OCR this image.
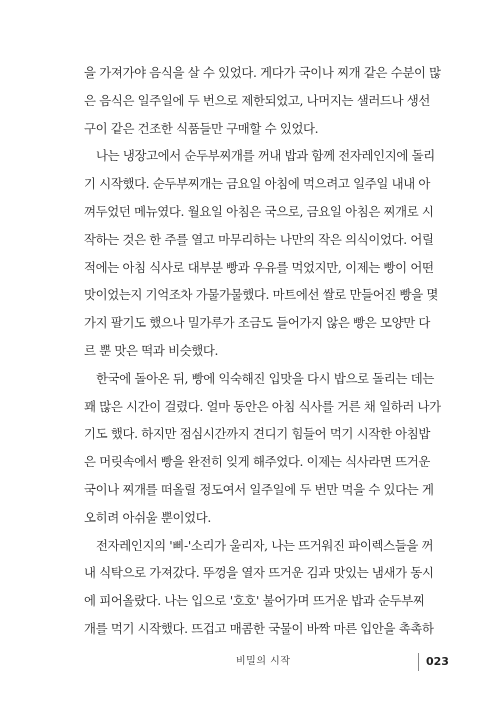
을 가져가야 음식을 살 수 있었다. 게다가 국이나 찌개 같은 수분이 많
은 음식은 일주일에 두 번으로 제한되었고, 나머지는 샐러드나 생선
구이 같은 건조한 식품들만 구매할 수 있었다.
나는 냉장고에서 순두부찌개를 꺼내 밥과 함께 전자레인지에 돌리
기 시작했다. 순두부찌개는 금요일 아침에 먹으려고 일주일 내내 아
껴두었던 메뉴였다. 월요일 아침은 국으로, 금요일 아침은 찌개로 시
작하는 것은 한 주를 열고 마무리하는 나만의 작은 의식이었다. 어릴
적에는 아침 식사로 대부분 빵과 우유를 먹었지만, 이제는 빵이 어떤
맛이었는지 기억조차 가물가물했다. 마트에선 쌀로 만들어진 빵을 몇
가지 팔기도 했으나 밀가루가 조금도 들어가지 않은 빵은 모양만 다
르 뿐 맛은 떡과 비슷했다.
한국에 돌아온 뒤, 빵에 익숙해진 입맛을 다시 밥으로 돌리는 데는
꽤 많은 시간이 걸렸다. 얼마 동안은 아침 식사를 거른 채 일하러 나가
기도 했다. 하지만 점심시간까지 견디기 힘들어 먹기 시작한 아침밥
은 머릿속에서 빵을 완전히 잊게 해주었다. 이제는 식사라면 뜨거운
국이나 찌개를 떠올릴 정도여서 일주일에 두 번만 먹을 수 있다는 게
오히려 아쉬울 뿐이었다.
전자레인지의 '삐-'소리가 울리자, 나는 뜨거워진 파이렉스들을 꺼
내 식탁으로 가져갔다. 뚜껑을 열자 뜨거운 김과 맛있는 냄새가 동시
에 피어올랐다. 나는 입으로 '호호' 불어가며 뜨거운 밥과 순두부찌
개를 먹기 시작했다. 뜨겁고 매콤한 국물이 바짝 마른 입안을 촉촉하
비밀의 시작	023
